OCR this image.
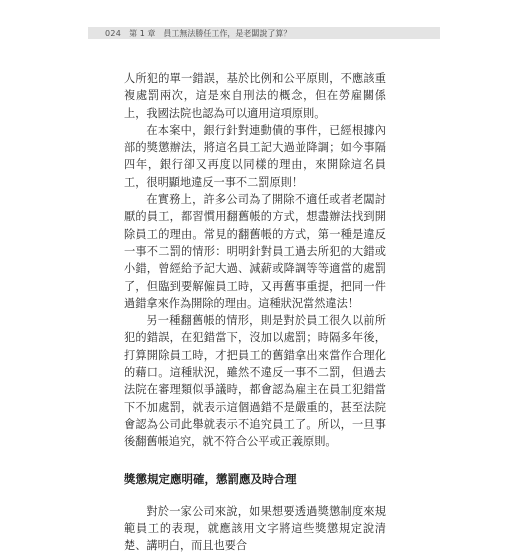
024 第 1 章　員工無法勝任工作，是老闆說了算？

人所犯的單一錯誤，基於比例和公平原則，不應該重複處罰兩次，這是來自刑法的概念，但在勞雇關係上，我國法院也認為可以適用這項原則。

在本案中，銀行針對連動債的事件，已經根據內部的獎懲辦法，將這名員工記大過並降調；如今事隔四年，銀行卻又再度以同樣的理由，來開除這名員工，很明顯地違反一事不二罰原則！

在實務上，許多公司為了開除不適任或者老闆討厭的員工，都習慣用翻舊帳的方式，想盡辦法找到開除員工的理由。常見的翻舊帳的方式，第一種是違反一事不二罰的情形：明明針對員工過去所犯的大錯或小錯，曾經給予記大過、減薪或降調等等適當的處罰了，但臨到要解僱員工時，又再舊事重提，把同一件過錯拿來作為開除的理由。這種狀況當然違法！

另一種翻舊帳的情形，則是對於員工很久以前所犯的錯誤，在犯錯當下，沒加以處罰；時隔多年後，打算開除員工時，才把員工的舊錯拿出來當作合理化的藉口。這種狀況，雖然不違反一事不二罰，但過去法院在審理類似爭議時，都會認為雇主在員工犯錯當下不加處罰，就表示這個過錯不是嚴重的，甚至法院會認為公司此舉就表示不追究員工了。所以，一旦事後翻舊帳追究，就不符合公平或正義原則。

獎懲規定應明確，懲罰應及時合理

對於一家公司來說，如果想要透過獎懲制度來規範員工的表現，就應該用文字將這些獎懲規定說清楚、講明白，而且也要合
